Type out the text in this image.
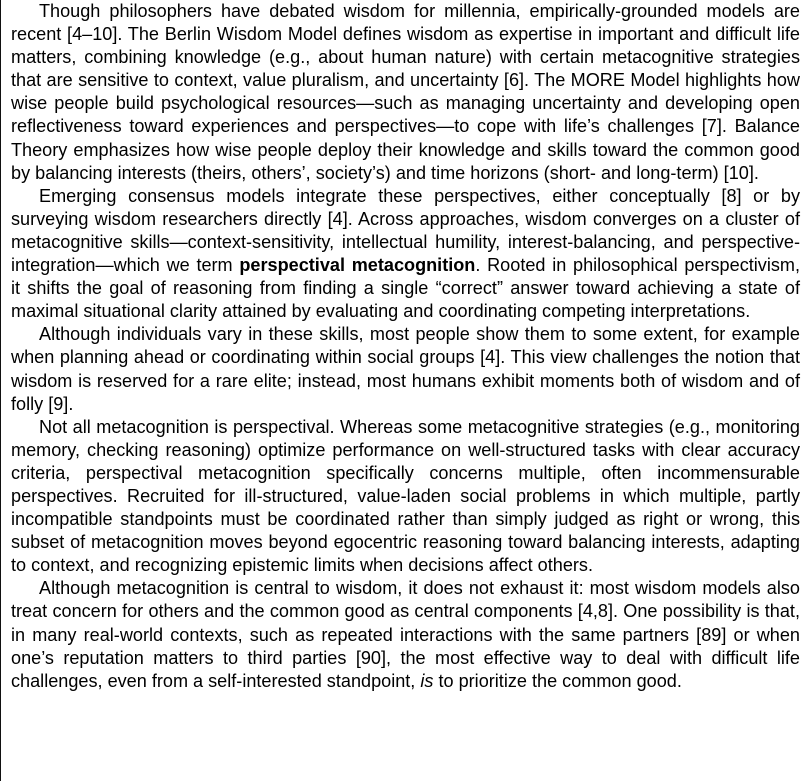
Though philosophers have debated wisdom for millennia, empirically-grounded models are recent [4–10]. The Berlin Wisdom Model defines wisdom as expertise in important and difficult life matters, combining knowledge (e.g., about human nature) with certain metacognitive strategies that are sensitive to context, value pluralism, and uncertainty [6]. The MORE Model highlights how wise people build psychological resources—such as managing uncertainty and developing open reflectiveness toward experiences and perspectives—to cope with life’s challenges [7]. Balance Theory emphasizes how wise people deploy their knowledge and skills toward the common good by balancing interests (theirs, others’, society’s) and time horizons (short- and long-term) [10].

Emerging consensus models integrate these perspectives, either conceptually [8] or by surveying wisdom researchers directly [4]. Across approaches, wisdom converges on a cluster of metacognitive skills—context-sensitivity, intellectual humility, interest-balancing, and perspective-integration—which we term perspectival metacognition. Rooted in philosophical perspectivism, it shifts the goal of reasoning from finding a single “correct” answer toward achieving a state of maximal situational clarity attained by evaluating and coordinating competing interpretations.

Although individuals vary in these skills, most people show them to some extent, for example when planning ahead or coordinating within social groups [4]. This view challenges the notion that wisdom is reserved for a rare elite; instead, most humans exhibit moments both of wisdom and of folly [9].

Not all metacognition is perspectival. Whereas some metacognitive strategies (e.g., monitoring memory, checking reasoning) optimize performance on well-structured tasks with clear accuracy criteria, perspectival metacognition specifically concerns multiple, often incommensurable perspectives. Recruited for ill-structured, value-laden social problems in which multiple, partly incompatible standpoints must be coordinated rather than simply judged as right or wrong, this subset of metacognition moves beyond egocentric reasoning toward balancing interests, adapting to context, and recognizing epistemic limits when decisions affect others.

Although metacognition is central to wisdom, it does not exhaust it: most wisdom models also treat concern for others and the common good as central components [4,8]. One possibility is that, in many real-world contexts, such as repeated interactions with the same partners [89] or when one’s reputation matters to third parties [90], the most effective way to deal with difficult life challenges, even from a self-interested standpoint, is to prioritize the common good.
